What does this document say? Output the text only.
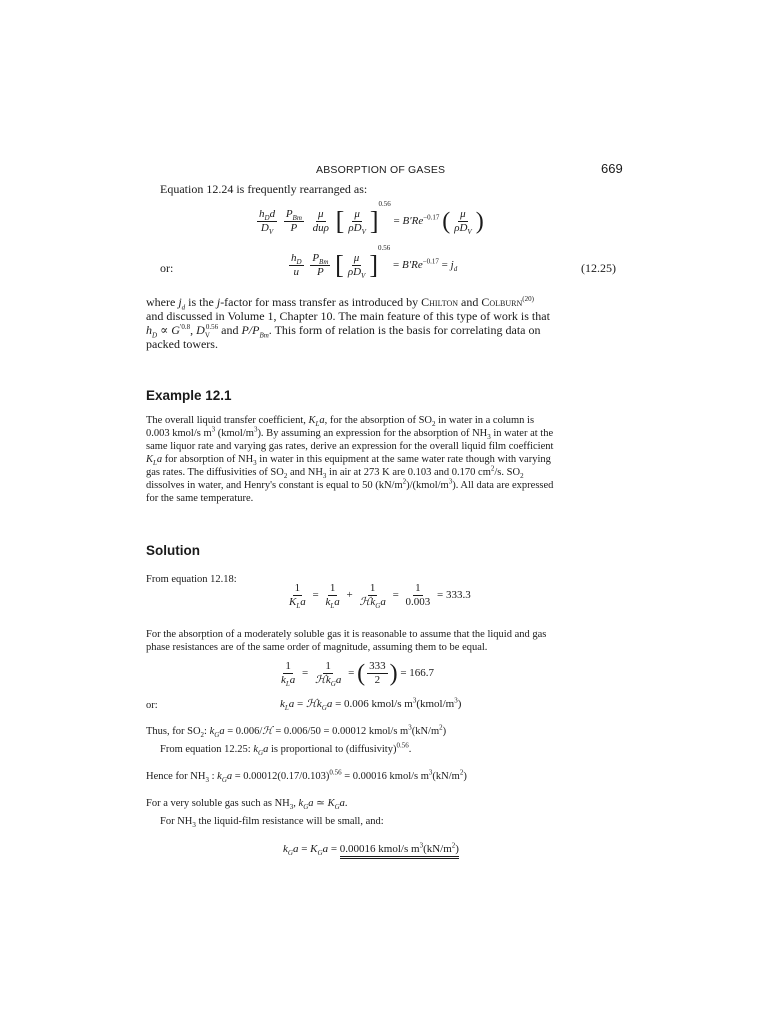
ABSORPTION OF GASES	669
Equation 12.24 is frequently rearranged as:
$\frac{h_Dd}{D_V}$
$\frac{P_{Bm}}{P}$
$\frac{\mu}{\text{duρ}}$ [ $\frac{\mu}{\rho D_V} ]^{0.56} = B'Re^{-0.17}$ ( $\frac{\mu}{\rho D_V}$ )
or:	$\frac{h_D}{u}$
$\frac{P_{Bm}}{P}$ [ $\frac{\mu}{\rho D_V} ]^{0.56} = B'Re^{-0.17} = j_d$	(12.25)
where $j_d$ is the j-factor for mass transfer as introduced by Chilton and Colburn$^{(20)}$
and discussed in Volume 1, Chapter 10. The main feature of this type of work is that
$h_D \propto G^{'0.8}$, $D_V^{0.56}$ and $P/P_{Bm}$. This form of relation is the basis for correlating data on
packed towers.
Example 12.1
The overall liquid transfer coefficient, $K_La$, for the absorption of $SO_2$ in water in a column is
0.003 kmol/s $m^3$ $(kmol/m^3)$. By assuming an expression for the absorption of $NH_3$ in water at the
same liquor rate and varying gas rates, derive an expression for the overall liquid film coefficient
$K_La$ for absorption of $NH_3$ in water in this equipment at the same water rate though with varying
gas rates. The diffusivities of $SO_2$ and $NH_3$ in air at 273 K are 0.103 and 0.170 $cm^2/s$. $SO_2$
dissolves in water, and Henry's constant is equal to 50 $(kN/m^2)/(kmol/m^3)$. All data are expressed
for the same temperature.
Solution
From equation 12.18:
$\frac{1}{K_La} = \frac{1}{k_La} + \frac{1}{ℋk_Ga} = \frac{1}{0.003} = 333.3$
For the absorption of a moderately soluble gas it is reasonable to assume that the liquid and gas
phase resistances are of the same order of magnitude, assuming them to be equal.
$\frac{1}{k_La} = \frac{1}{ℋk_Ga}$ = ( $\frac{333}{2}$ ) = 166.7
or:	$k_La$ = ℋk$_G$a = 0.006 kmol/s $m^3(kmol/m^3)$
Thus, for $SO_2$: $k_Ga$ = 0.006/ℋ = 0.006/50 = 0.00012 kmol/s $m^3(kN/m^2)$
From equation 12.25: $k_Ga$ is proportional to (diffusivity)$^{0.56}$.
Hence for $NH_3$ : $k_Ga = 0.00012(0.17/0.103)^{0.56} = 0.00016$ kmol/s $m^3(kN/m^2)$
For a very soluble gas such as $NH_3$, $k_Ga$ ≃ $K_Ga$.
For $NH_3$ the liquid-film resistance will be small, and:
$k_Ga = K_Ga = 0.00016$ kmol/s $m^3(kN/m^2)$
